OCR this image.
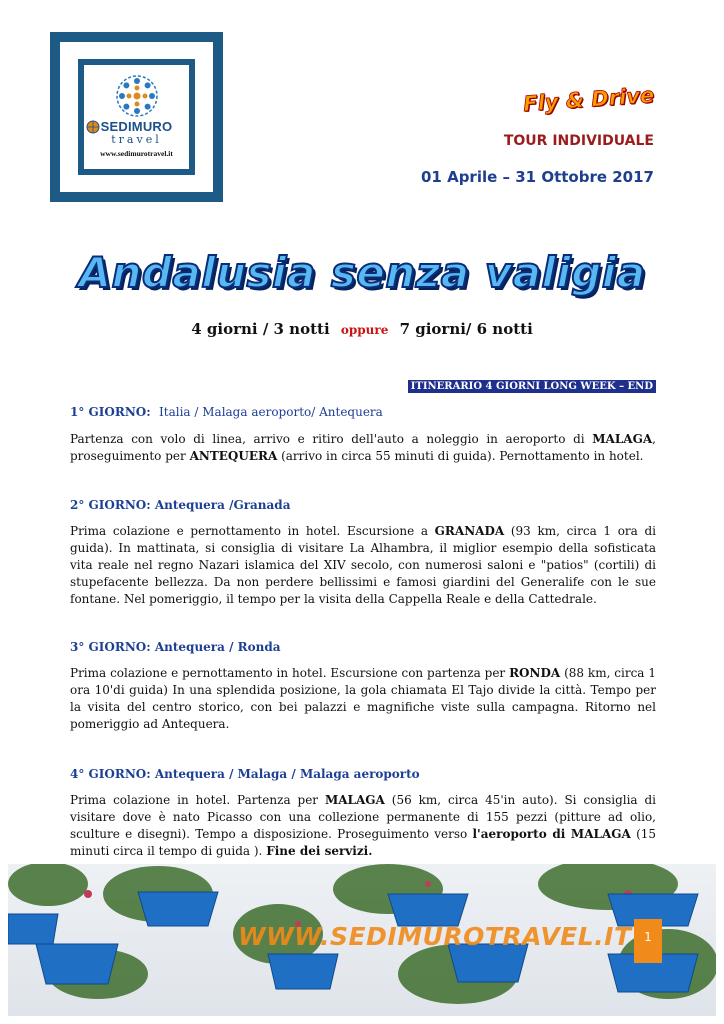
SEDIMURO
travel
www.sedimurotravel.it
Fly & Drive
TOUR INDIVIDUALE
01 Aprile – 31 Ottobre 2017
Andalusia senza valigia
4 giorni / 3 notti oppure 7 giorni/ 6 notti
ITINERARIO 4 GIORNI LONG WEEK – END
1° GIORNO: Italia / Malaga aeroporto/ Antequera
Partenza con volo di linea, arrivo e ritiro dell'auto a noleggio in aeroporto di MALAGA, proseguimento per ANTEQUERA (arrivo in circa 55 minuti di guida). Pernottamento in hotel.
2° GIORNO: Antequera /Granada
Prima colazione e pernottamento in hotel. Escursione a GRANADA (93 km, circa 1 ora di guida). In mattinata, si consiglia di visitare La Alhambra, il miglior esempio della sofisticata vita reale nel regno Nazari islamica del XIV secolo, con numerosi saloni e "patios" (cortili) di stupefacente bellezza. Da non perdere bellissimi e famosi giardini del Generalife con le sue fontane. Nel pomeriggio, il tempo per la visita della Cappella Reale e della Cattedrale.
3° GIORNO: Antequera / Ronda
Prima colazione e pernottamento in hotel. Escursione con partenza per RONDA (88 km, circa 1 ora 10'di guida) In una splendida posizione, la gola chiamata El Tajo divide la città. Tempo per la visita del centro storico, con bei palazzi e magnifiche viste sulla campagna. Ritorno nel pomeriggio ad Antequera.
4° GIORNO: Antequera / Malaga / Malaga aeroporto
Prima colazione in hotel. Partenza per MALAGA (56 km, circa 45'in auto). Si consiglia di visitare dove è nato Picasso con una collezione permanente di 155 pezzi (pitture ad olio, sculture e disegni). Tempo a disposizione. Proseguimento verso l'aeroporto di MALAGA (15 minuti circa il tempo di guida ). Fine dei servizi.
WWW.SEDIMUROTRAVEL.IT	1
